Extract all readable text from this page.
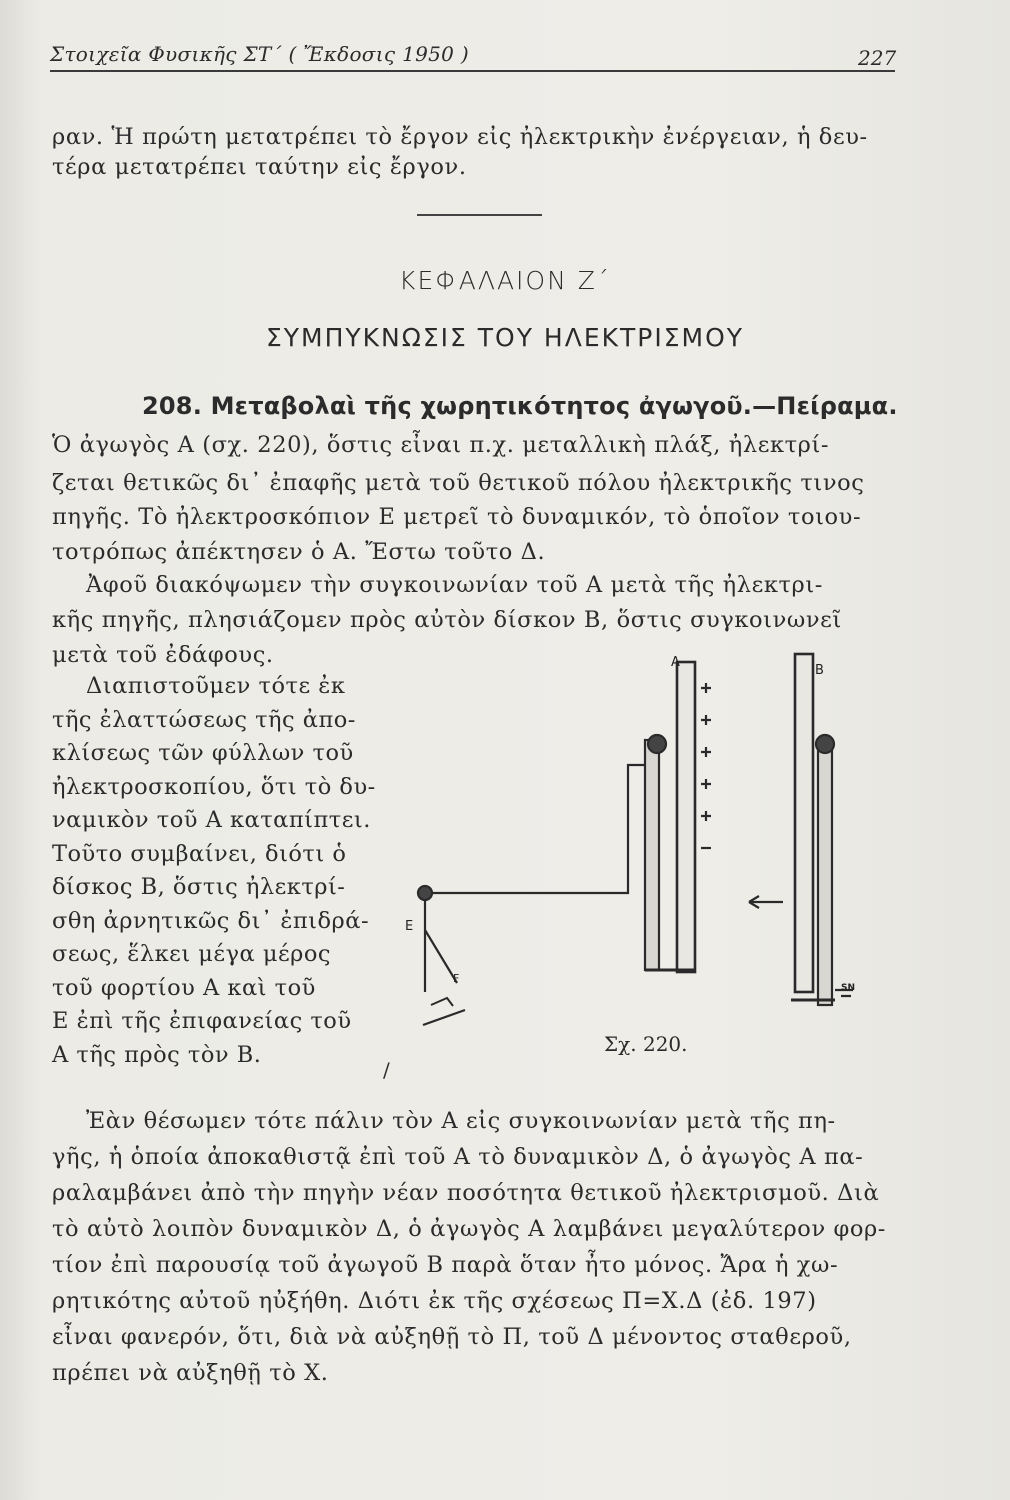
Στοιχεῖα Φυσικῆς ΣΤ΄ ( Ἔκδοσις 1950 )	227

ραν. Ἡ πρώτη μετατρέπει τὸ ἔργον εἰς ἠλεκτρικὴν ἐνέργειαν, ἡ δευ-

τέρα μετατρέπει ταύτην εἰς ἔργον.

ΚΕΦΑΛΑΙΟΝ Ζ΄
ΣΥΜΠΥΚΝΩΣΙΣ ΤΟΥ ΗΛΕΚΤΡΙΣΜΟΥ
208. Μεταβολαὶ τῆς χωρητικότητος ἀγωγοῦ.—Πείραμα.

Ὁ ἀγωγὸς Α (σχ. 220), ὅστις εἶναι π.χ. μεταλλικὴ πλάξ, ἠλεκτρί-

ζεται θετικῶς δι᾽ ἐπαφῆς μετὰ τοῦ θετικοῦ πόλου ἠλεκτρικῆς τινος

πηγῆς. Τὸ ἠλεκτροσκόπιον Ε μετρεῖ τὸ δυναμικόν, τὸ ὁποῖον τοιου-

τοτρόπως ἀπέκτησεν ὁ Α. Ἔστω τοῦτο Δ.

Ἀφοῦ διακόψωμεν τὴν συγκοινωνίαν τοῦ Α μετὰ τῆς ἠλεκτρι-

κῆς πηγῆς, πλησιάζομεν πρὸς αὐτὸν δίσκον Β, ὅστις συγκοινωνεῖ

μετὰ τοῦ ἐδάφους.

Διαπιστοῦμεν τότε ἐκ
τῆς ἐλαττώσεως τῆς ἀπο-
κλίσεως τῶν φύλλων τοῦ
ἠλεκτροσκοπίου, ὅτι τὸ δυ-
ναμικὸν τοῦ Α καταπίπτει.
Τοῦτο συμβαίνει, διότι ὁ
δίσκος Β, ὅστις ἠλεκτρί-
σθη ἀρνητικῶς δι᾽ ἐπιδρά-
σεως, ἕλκει μέγα μέρος
τοῦ φορτίου Α καὶ τοῦ
Ε ἐπὶ τῆς ἐπιφανείας τοῦ
Α τῆς πρὸς τὸν Β.
A
B
E
F
SN
Σχ. 220.
/

Ἐὰν θέσωμεν τότε πάλιν τὸν Α εἰς συγκοινωνίαν μετὰ τῆς πη-

γῆς, ἡ ὁποία ἀποκαθιστᾷ ἐπὶ τοῦ Α τὸ δυναμικὸν Δ, ὁ ἀγωγὸς Α πα-

ραλαμβάνει ἀπὸ τὴν πηγὴν νέαν ποσότητα θετικοῦ ἠλεκτρισμοῦ. Διὰ

τὸ αὐτὸ λοιπὸν δυναμικὸν Δ, ὁ ἀγωγὸς Α λαμβάνει μεγαλύτερον φορ-

τίον ἐπὶ παρουσίᾳ τοῦ ἀγωγοῦ Β παρὰ ὅταν ἦτο μόνος. Ἄρα ἡ χω-

ρητικότης αὐτοῦ ηὐξήθη. Διότι ἐκ τῆς σχέσεως Π=Χ.Δ (ἐδ. 197)

εἶναι φανερόν, ὅτι, διὰ νὰ αὐξηθῇ τὸ Π, τοῦ Δ μένοντος σταθεροῦ,

πρέπει νὰ αὐξηθῇ τὸ Χ.
